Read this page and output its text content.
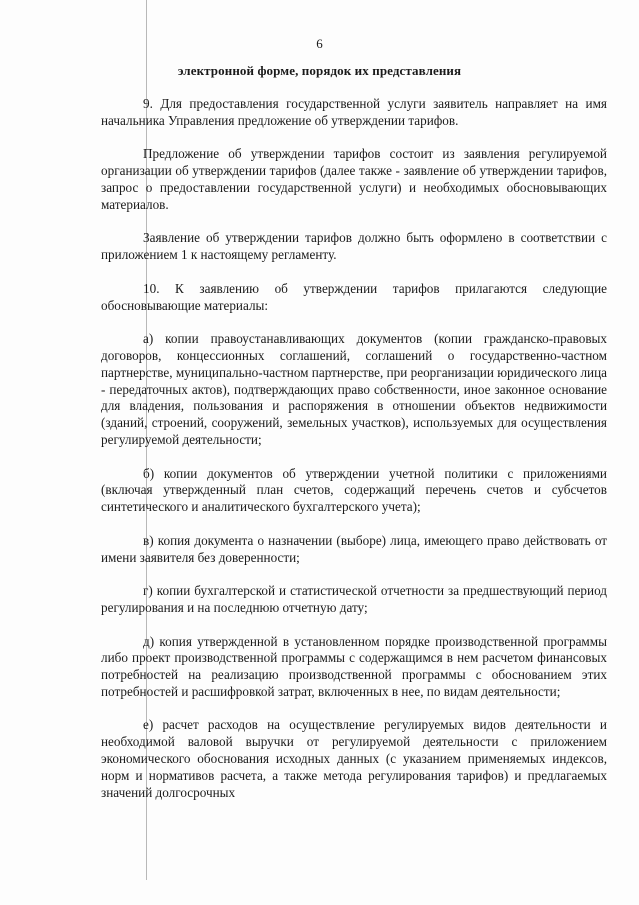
6
электронной форме, порядок их представления

9. Для предоставления государственной услуги заявитель направляет на имя начальника Управления предложение об утверждении тарифов.

Предложение об утверждении тарифов состоит из заявления регулируемой организации об утверждении тарифов (далее также - заявление об утверждении тарифов, запрос о предоставлении государственной услуги) и необходимых обосновывающих материалов.

Заявление об утверждении тарифов должно быть оформлено в соответствии с приложением 1 к настоящему регламенту.

10. К заявлению об утверждении тарифов прилагаются следующие обосновывающие материалы:

а) копии правоустанавливающих документов (копии гражданско-правовых договоров, концессионных соглашений, соглашений о государственно-частном партнерстве, муниципально-частном партнерстве, при реорганизации юридического лица - передаточных актов), подтверждающих право собственности, иное законное основание для владения, пользования и распоряжения в отношении объектов недвижимости (зданий, строений, сооружений, земельных участков), используемых для осуществления регулируемой деятельности;

б) копии документов об утверждении учетной политики с приложениями (включая утвержденный план счетов, содержащий перечень счетов и субсчетов синтетического и аналитического бухгалтерского учета);

в) копия документа о назначении (выборе) лица, имеющего право действовать от имени заявителя без доверенности;

г) копии бухгалтерской и статистической отчетности за предшествующий период регулирования и на последнюю отчетную дату;

д) копия утвержденной в установленном порядке производственной программы либо проект производственной программы с содержащимся в нем расчетом финансовых потребностей на реализацию производственной программы с обоснованием этих потребностей и расшифровкой затрат, включенных в нее, по видам деятельности;

е) расчет расходов на осуществление регулируемых видов деятельности и необходимой валовой выручки от регулируемой деятельности с приложением экономического обоснования исходных данных (с указанием применяемых индексов, норм и нормативов расчета, а также метода регулирования тарифов) и предлагаемых значений долгосрочных
